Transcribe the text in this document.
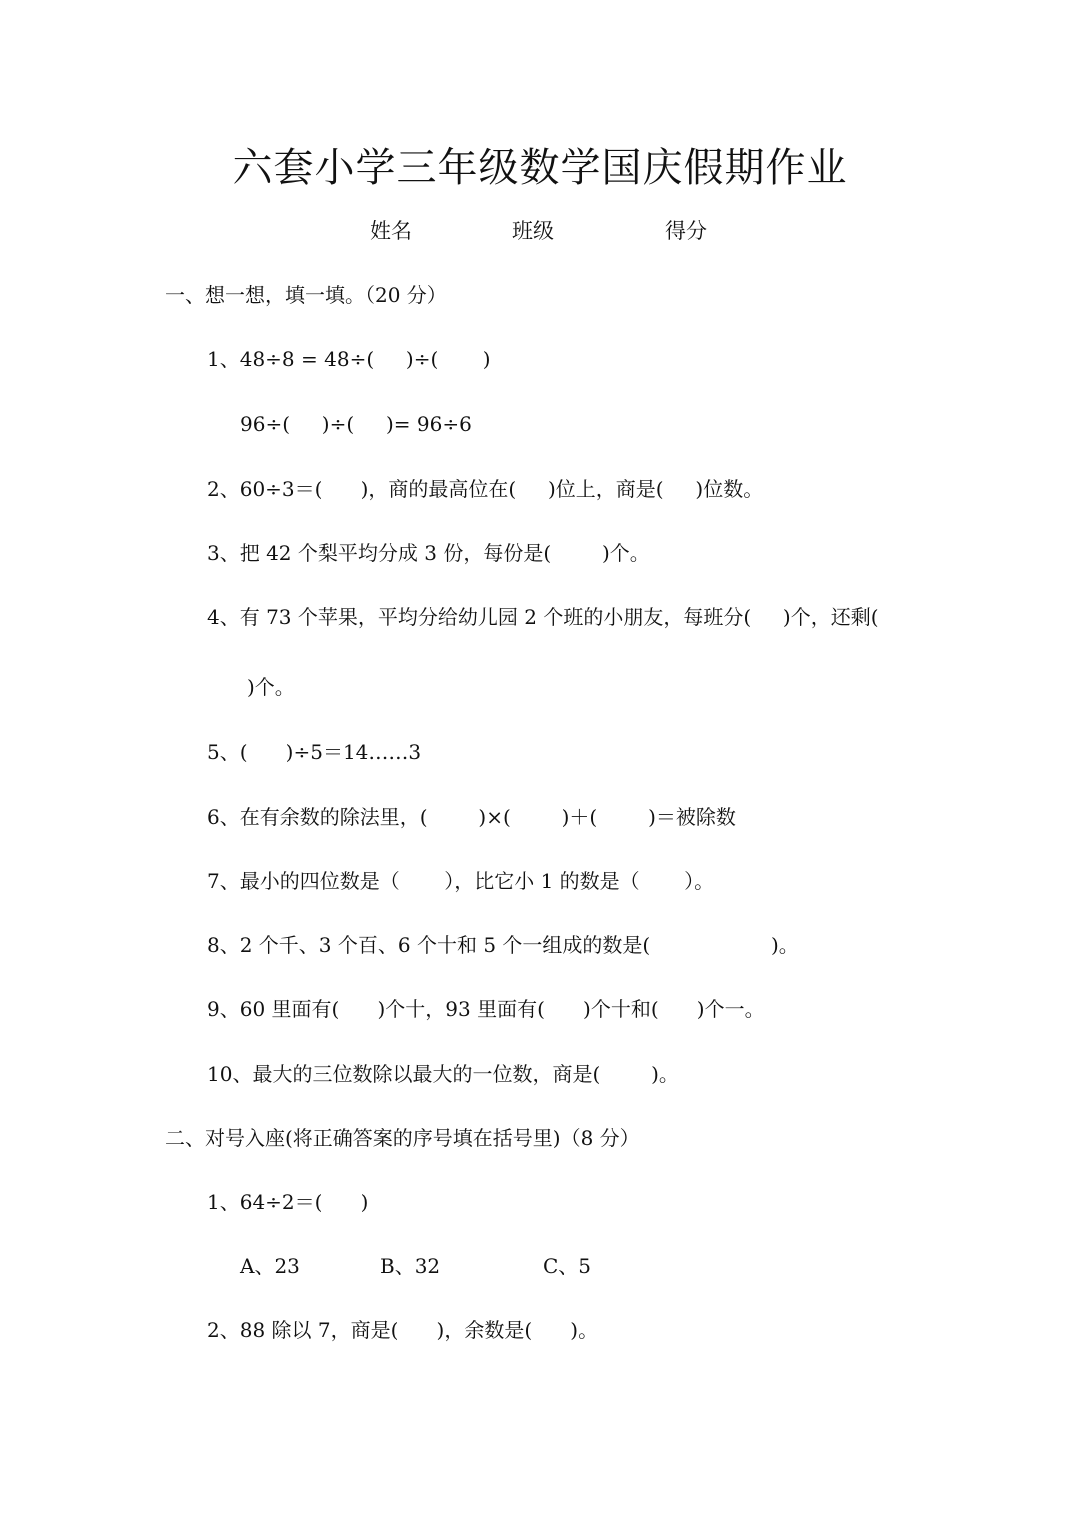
六套小学三年级数学国庆假期作业
姓名	班级	得分
一、想一想，填一填。（20 分）
1、48÷8 = 48÷(     )÷(       )
96÷(     )÷(     )= 96÷6
2、60÷3＝(      )，商的最高位在(     )位上，商是(     )位数。
3、把 42 个梨平均分成 3 份，每份是(        )个。
4、有 73 个苹果，平均分给幼儿园 2 个班的小朋友，每班分(     )个，还剩(
)个。
5、(      )÷5＝14……3
6、在有余数的除法里，(        )×(        )＋(        )＝被除数
7、最小的四位数是（       ），比它小 1 的数是（       ）。
8、2 个千、3 个百、6 个十和 5 个一组成的数是(                   )。
9、60 里面有(      )个十，93 里面有(      )个十和(      )个一。
10、最大的三位数除以最大的一位数，商是(        )。
二、对号入座(将正确答案的序号填在括号里)（8 分）
1、64÷2＝(      )
A、23	B、32	C、5
2、88 除以 7，商是(      )，余数是(      )。
